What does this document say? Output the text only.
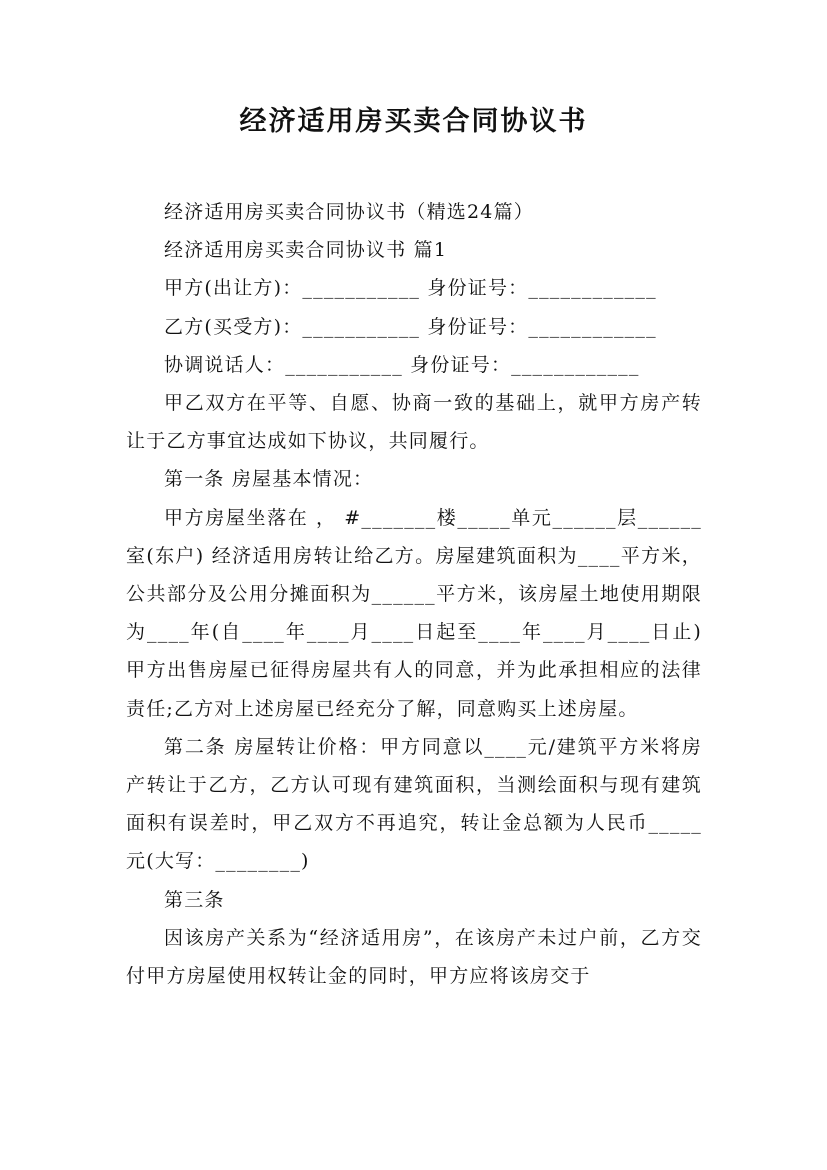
经济适用房买卖合同协议书

经济适用房买卖合同协议书（精选24篇）

经济适用房买卖合同协议书 篇1

甲方(出让方)：___________ 身份证号：____________

乙方(买受方)：___________ 身份证号：____________

协调说话人：___________ 身份证号：____________

甲乙双方在平等、自愿、协商一致的基础上，就甲方房产转让于乙方事宜达成如下协议，共同履行。

第一条 房屋基本情况：

甲方房屋坐落在 ， #_______楼_____单元______层______室(东户) 经济适用房转让给乙方。房屋建筑面积为____平方米，公共部分及公用分摊面积为______平方米，该房屋土地使用期限为____年(自____年____月____日起至____年____月____日止)甲方出售房屋已征得房屋共有人的同意，并为此承担相应的法律责任;乙方对上述房屋已经充分了解，同意购买上述房屋。

第二条 房屋转让价格：甲方同意以____元/建筑平方米将房产转让于乙方，乙方认可现有建筑面积，当测绘面积与现有建筑面积有误差时，甲乙双方不再追究，转让金总额为人民币_____元(大写：________)

第三条

因该房产关系为“经济适用房”，在该房产未过户前，乙方交付甲方房屋使用权转让金的同时，甲方应将该房交于
